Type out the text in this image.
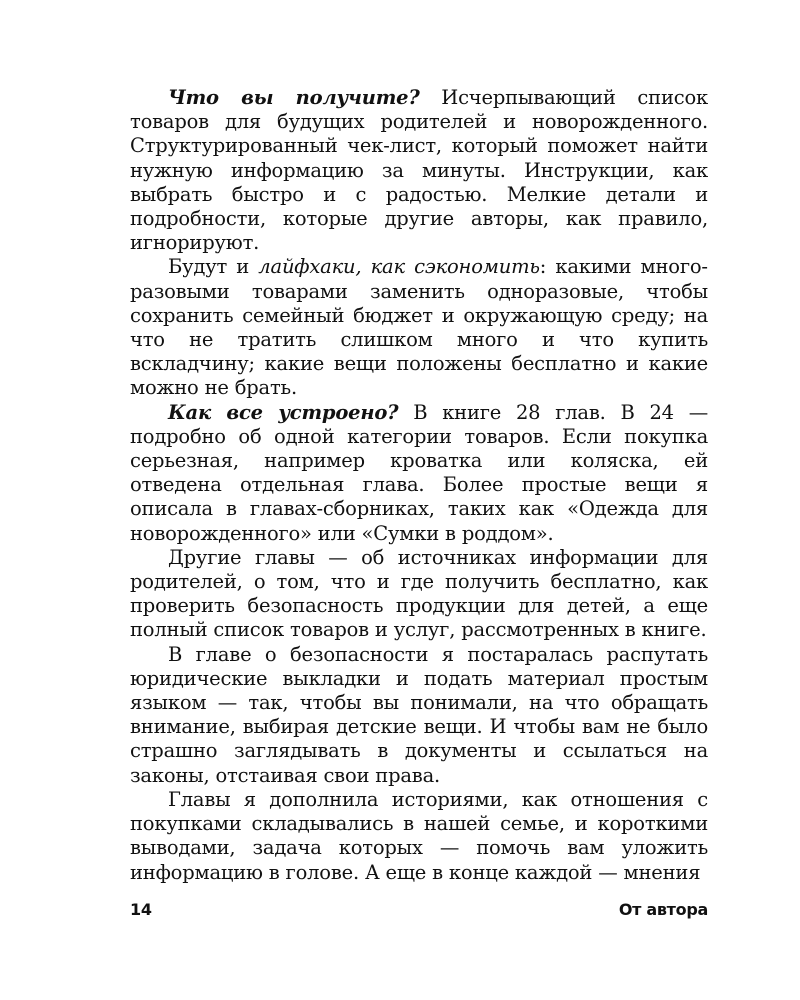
Что вы получите? Исчерпывающий список товаров для будущих родителей и новорожденного. Структурированный чек-лист, который поможет найти нужную информацию за минуты. Инструкции, как выбрать быстро и с радостью. Мелкие детали и подробности, которые другие авторы, как правило, игнорируют.

Будут и лайфхаки, как сэкономить: какими многоразовыми товарами заменить одноразовые, чтобы сохранить семейный бюджет и окружающую среду; на что не тратить слишком много и что купить вскладчину; какие вещи положены бесплатно и какие можно не брать.

Как все устроено? В книге 28 глав. В 24 — подробно об одной категории товаров. Если покупка серьезная, например кроватка или коляска, ей отведена отдельная глава. Более простые вещи я описала в главах-сборниках, таких как «Одежда для новорожденного» или «Сумки в роддом».

Другие главы — об источниках информации для родителей, о том, что и где получить бесплатно, как проверить безопасность продукции для детей, а еще полный список товаров и услуг, рассмотренных в книге.

В главе о безопасности я постаралась распутать юридические выкладки и подать материал простым языком — так, чтобы вы понимали, на что обращать внимание, выбирая детские вещи. И чтобы вам не было страшно заглядывать в документы и ссылаться на законы, отстаивая свои права.

Главы я дополнила историями, как отношения с покупками складывались в нашей семье, и короткими выводами, задача которых — помочь вам уложить информацию в голове. А еще в конце каждой — мнения

14	От автора
